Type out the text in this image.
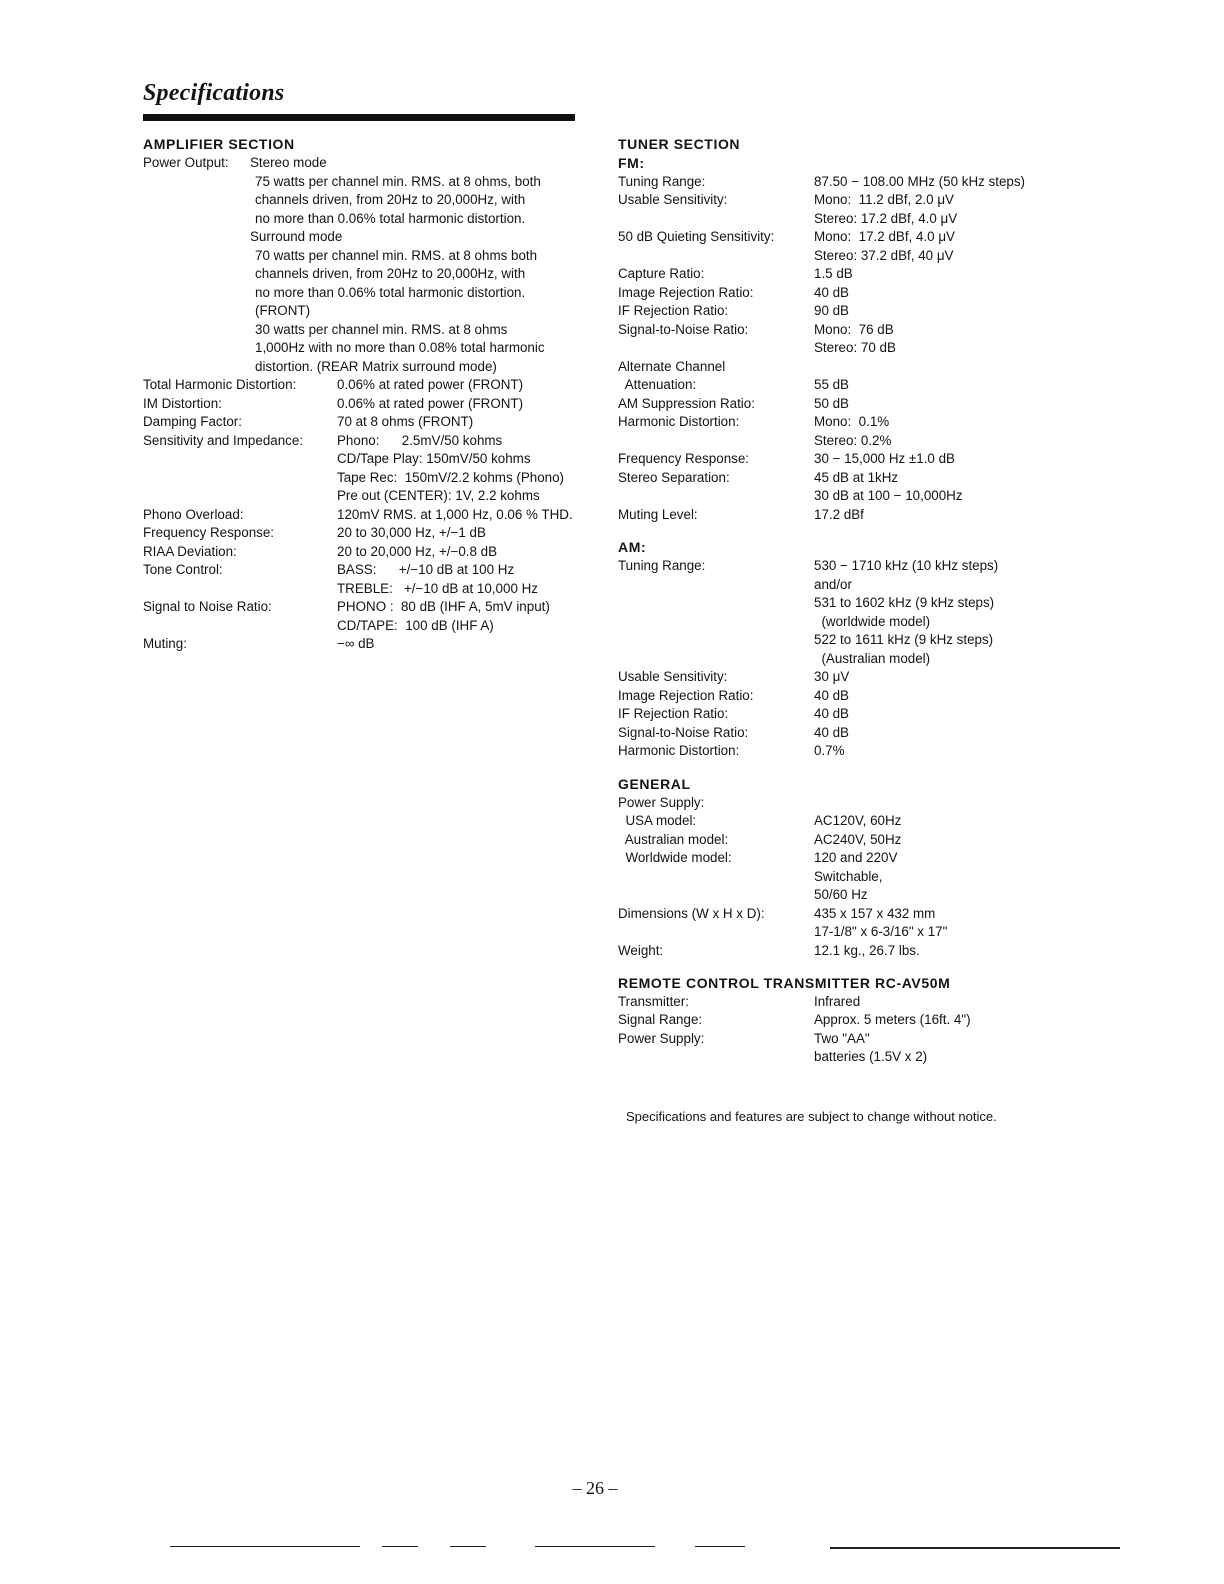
Specifications
AMPLIFIER SECTION
Power Output: Stereo mode
75 watts per channel min. RMS. at 8 ohms, both
channels driven, from 20Hz to 20,000Hz, with
no more than 0.06% total harmonic distortion.
Surround mode
70 watts per channel min. RMS. at 8 ohms both
channels driven, from 20Hz to 20,000Hz, with
no more than 0.06% total harmonic distortion.
(FRONT)
30 watts per channel min. RMS. at 8 ohms
1,000Hz with no more than 0.08% total harmonic
distortion. (REAR Matrix surround mode)
Total Harmonic Distortion:	0.06% at rated power (FRONT)
IM Distortion:	0.06% at rated power (FRONT)
Damping Factor:	70 at 8 ohms (FRONT)
Sensitivity and Impedance:	Phono:      2.5mV/50 kohms
CD/Tape Play: 150mV/50 kohms
Tape Rec:  150mV/2.2 kohms (Phono)
Pre out (CENTER): 1V, 2.2 kohms
Phono Overload:	120mV RMS. at 1,000 Hz, 0.06 % THD.
Frequency Response:	20 to 30,000 Hz, +/−1 dB
RIAA Deviation:	20 to 20,000 Hz, +/−0.8 dB
Tone Control:	BASS:      +/−10 dB at 100 Hz
TREBLE:   +/−10 dB at 10,000 Hz
Signal to Noise Ratio:	PHONO :  80 dB (IHF A, 5mV input)
CD/TAPE:  100 dB (IHF A)
Muting:	−∞ dB
TUNER SECTION
FM:
Tuning Range:	87.50 − 108.00 MHz (50 kHz steps)
Usable Sensitivity:	Mono:  11.2 dBf, 2.0 μV
Stereo: 17.2 dBf, 4.0 μV
50 dB Quieting Sensitivity:	Mono:  17.2 dBf, 4.0 μV
Stereo: 37.2 dBf, 40 μV
Capture Ratio:	1.5 dB
Image Rejection Ratio:	40 dB
IF Rejection Ratio:	90 dB
Signal-to-Noise Ratio:	Mono:  76 dB
Stereo: 70 dB
Alternate Channel
Attenuation:	55 dB
AM Suppression Ratio:	50 dB
Harmonic Distortion:	Mono:  0.1%
Stereo: 0.2%
Frequency Response:	30 − 15,000 Hz ±1.0 dB
Stereo Separation:	45 dB at 1kHz
30 dB at 100 − 10,000Hz
Muting Level:	17.2 dBf
AM:
Tuning Range:	530 − 1710 kHz (10 kHz steps)
and/or
531 to 1602 kHz (9 kHz steps)
(worldwide model)
522 to 1611 kHz (9 kHz steps)
(Australian model)
Usable Sensitivity:	30 μV
Image Rejection Ratio:	40 dB
IF Rejection Ratio:	40 dB
Signal-to-Noise Ratio:	40 dB
Harmonic Distortion:	0.7%
GENERAL
Power Supply:
USA model:	AC120V, 60Hz
Australian model:	AC240V, 50Hz
Worldwide model:	120 and 220V
Switchable,
50/60 Hz
Dimensions (W x H x D):	435 x 157 x 432 mm
17-1/8" x 6-3/16" x 17"
Weight:	12.1 kg., 26.7 lbs.
REMOTE CONTROL TRANSMITTER RC-AV50M
Transmitter:	Infrared
Signal Range:	Approx. 5 meters (16ft. 4")
Power Supply:	Two "AA"
batteries (1.5V x 2)
Specifications and features are subject to change without notice.
– 26 –
